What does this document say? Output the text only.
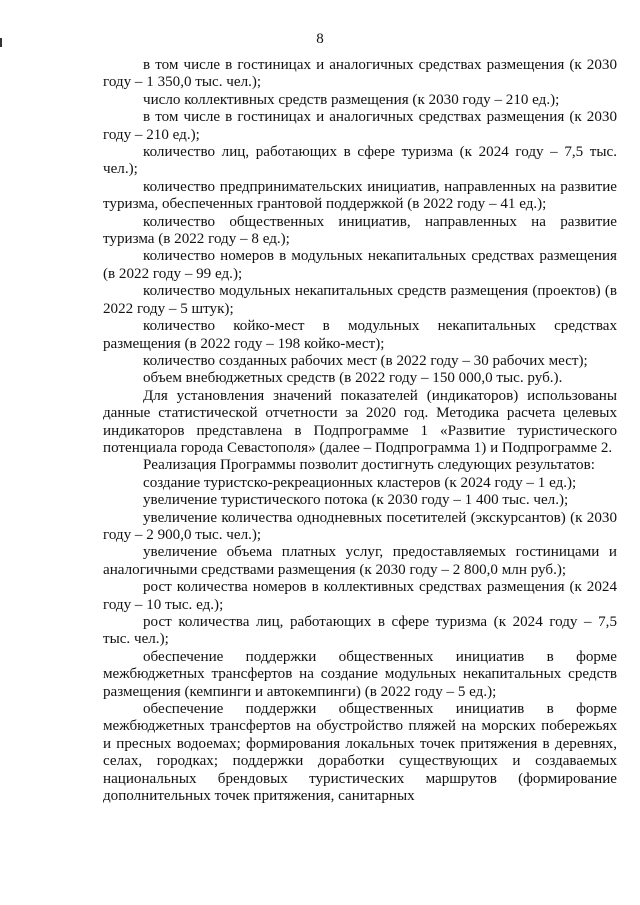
8

в том числе в гостиницах и аналогичных средствах размещения (к 2030 году – 1 350,0 тыс. чел.);

число коллективных средств размещения (к 2030 году – 210 ед.);

в том числе в гостиницах и аналогичных средствах размещения (к 2030 году – 210 ед.);

количество лиц, работающих в сфере туризма (к 2024 году – 7,5 тыс. чел.);

количество предпринимательских инициатив, направленных на развитие туризма, обеспеченных грантовой поддержкой (в 2022 году – 41 ед.);

количество общественных инициатив, направленных на развитие туризма (в 2022 году – 8 ед.);

количество номеров в модульных некапитальных средствах размещения (в 2022 году – 99 ед.);

количество модульных некапитальных средств размещения (проектов) (в 2022 году – 5 штук);

количество койко-мест в модульных некапитальных средствах размещения (в 2022 году – 198 койко-мест);

количество созданных рабочих мест (в 2022 году – 30 рабочих мест);

объем внебюджетных средств (в 2022 году – 150 000,0 тыс. руб.).

Для установления значений показателей (индикаторов) использованы данные статистической отчетности за 2020 год. Методика расчета целевых индикаторов представлена в Подпрограмме 1 «Развитие туристического потенциала города Севастополя» (далее – Подпрограмма 1) и Подпрограмме 2.

Реализация Программы позволит достигнуть следующих результатов:

создание туристско-рекреационных кластеров (к 2024 году – 1 ед.);

увеличение туристического потока (к 2030 году – 1 400 тыс. чел.);

увеличение количества однодневных посетителей (экскурсантов) (к 2030 году – 2 900,0 тыс. чел.);

увеличение объема платных услуг, предоставляемых гостиницами и аналогичными средствами размещения (к 2030 году – 2 800,0 млн руб.);

рост количества номеров в коллективных средствах размещения (к 2024 году – 10 тыс. ед.);

рост количества лиц, работающих в сфере туризма (к 2024 году – 7,5 тыс. чел.);

обеспечение поддержки общественных инициатив в форме межбюджетных трансфертов на создание модульных некапитальных средств размещения (кемпинги и автокемпинги) (в 2022 году – 5 ед.);

обеспечение поддержки общественных инициатив в форме межбюджетных трансфертов на обустройство пляжей на морских побережьях и пресных водоемах; формирования локальных точек притяжения в деревнях, селах, городках; поддержки доработки существующих и создаваемых национальных брендовых туристических маршрутов (формирование дополнительных точек притяжения, санитарных
